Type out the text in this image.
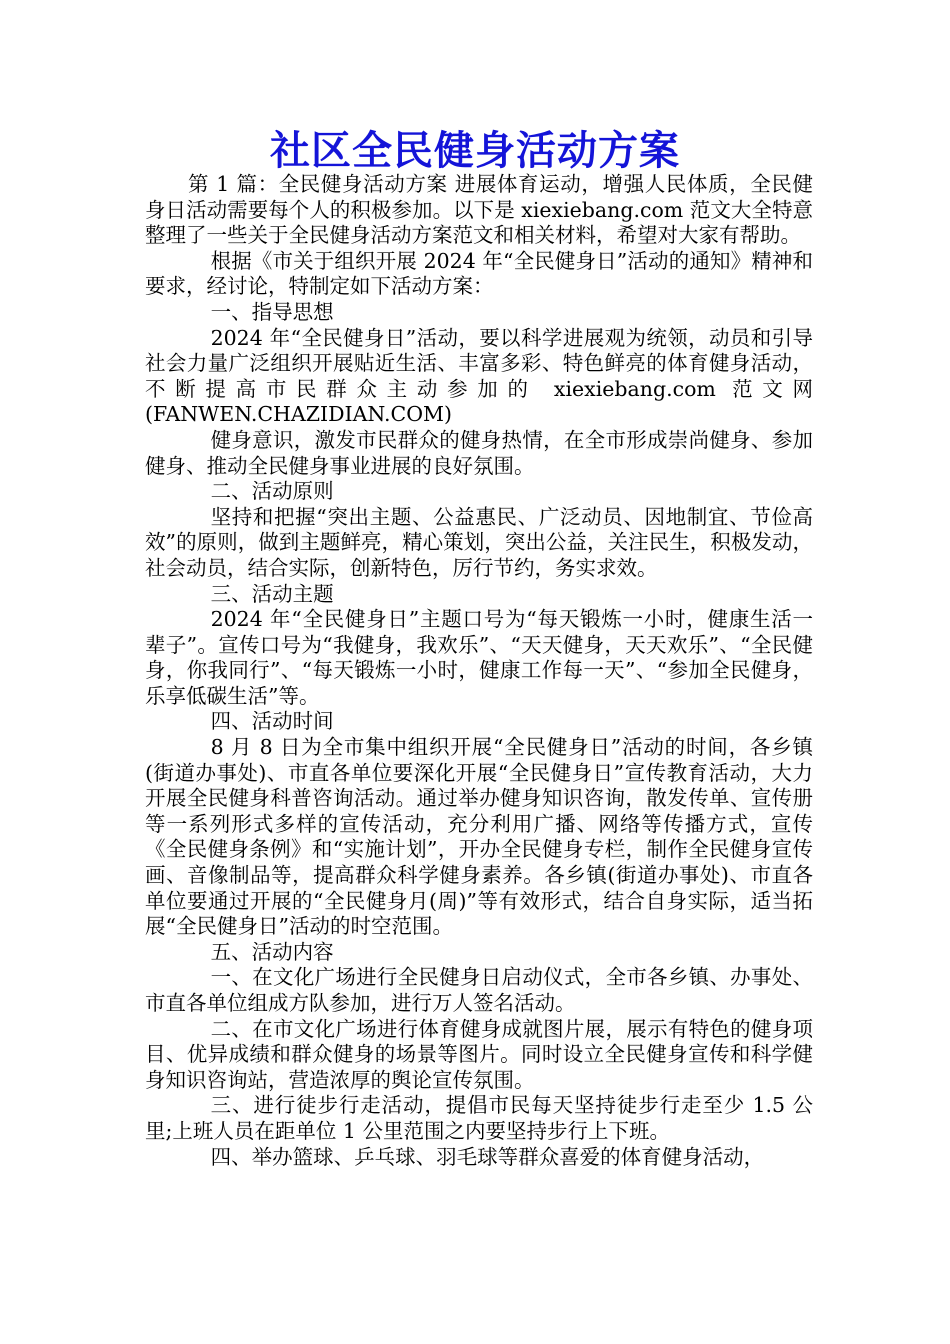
社区全民健身活动方案

第 1 篇：全民健身活动方案 进展体育运动，增强人民体质，全民健身日活动需要每个人的积极参加。以下是 xiexiebang.com 范文大全特意整理了一些关于全民健身活动方案范文和相关材料，希望对大家有帮助。

根据《市关于组织开展 2024 年“全民健身日”活动的通知》精神和要求，经讨论，特制定如下活动方案：

一、指导思想

2024 年“全民健身日”活动，要以科学进展观为统领，动员和引导社会力量广泛组织开展贴近生活、丰富多彩、特色鲜亮的体育健身活动，不断提高市民群众主动参加的 xiexiebang.com 范文网(FANWEN.CHAZIDIAN.COM)

健身意识，激发市民群众的健身热情，在全市形成崇尚健身、参加健身、推动全民健身事业进展的良好氛围。

二、活动原则

坚持和把握“突出主题、公益惠民、广泛动员、因地制宜、节俭高效”的原则，做到主题鲜亮，精心策划，突出公益，关注民生，积极发动，社会动员，结合实际，创新特色，厉行节约，务实求效。

三、活动主题

2024 年“全民健身日”主题口号为“每天锻炼一小时，健康生活一辈子”。宣传口号为“我健身，我欢乐”、“天天健身，天天欢乐”、“全民健身，你我同行”、“每天锻炼一小时，健康工作每一天”、“参加全民健身，乐享低碳生活”等。

四、活动时间

8 月 8 日为全市集中组织开展“全民健身日”活动的时间，各乡镇(街道办事处)、市直各单位要深化开展“全民健身日”宣传教育活动，大力开展全民健身科普咨询活动。通过举办健身知识咨询，散发传单、宣传册等一系列形式多样的宣传活动，充分利用广播、网络等传播方式，宣传《全民健身条例》和“实施计划”，开办全民健身专栏，制作全民健身宣传画、音像制品等，提高群众科学健身素养。各乡镇(街道办事处)、市直各单位要通过开展的“全民健身月(周)”等有效形式，结合自身实际，适当拓展“全民健身日”活动的时空范围。

五、活动内容

一、在文化广场进行全民健身日启动仪式，全市各乡镇、办事处、市直各单位组成方队参加，进行万人签名活动。

二、在市文化广场进行体育健身成就图片展，展示有特色的健身项目、优异成绩和群众健身的场景等图片。同时设立全民健身宣传和科学健身知识咨询站，营造浓厚的舆论宣传氛围。

三、进行徒步行走活动，提倡市民每天坚持徒步行走至少 1.5 公里;上班人员在距单位 1 公里范围之内要坚持步行上下班。

四、举办篮球、乒乓球、羽毛球等群众喜爱的体育健身活动，
